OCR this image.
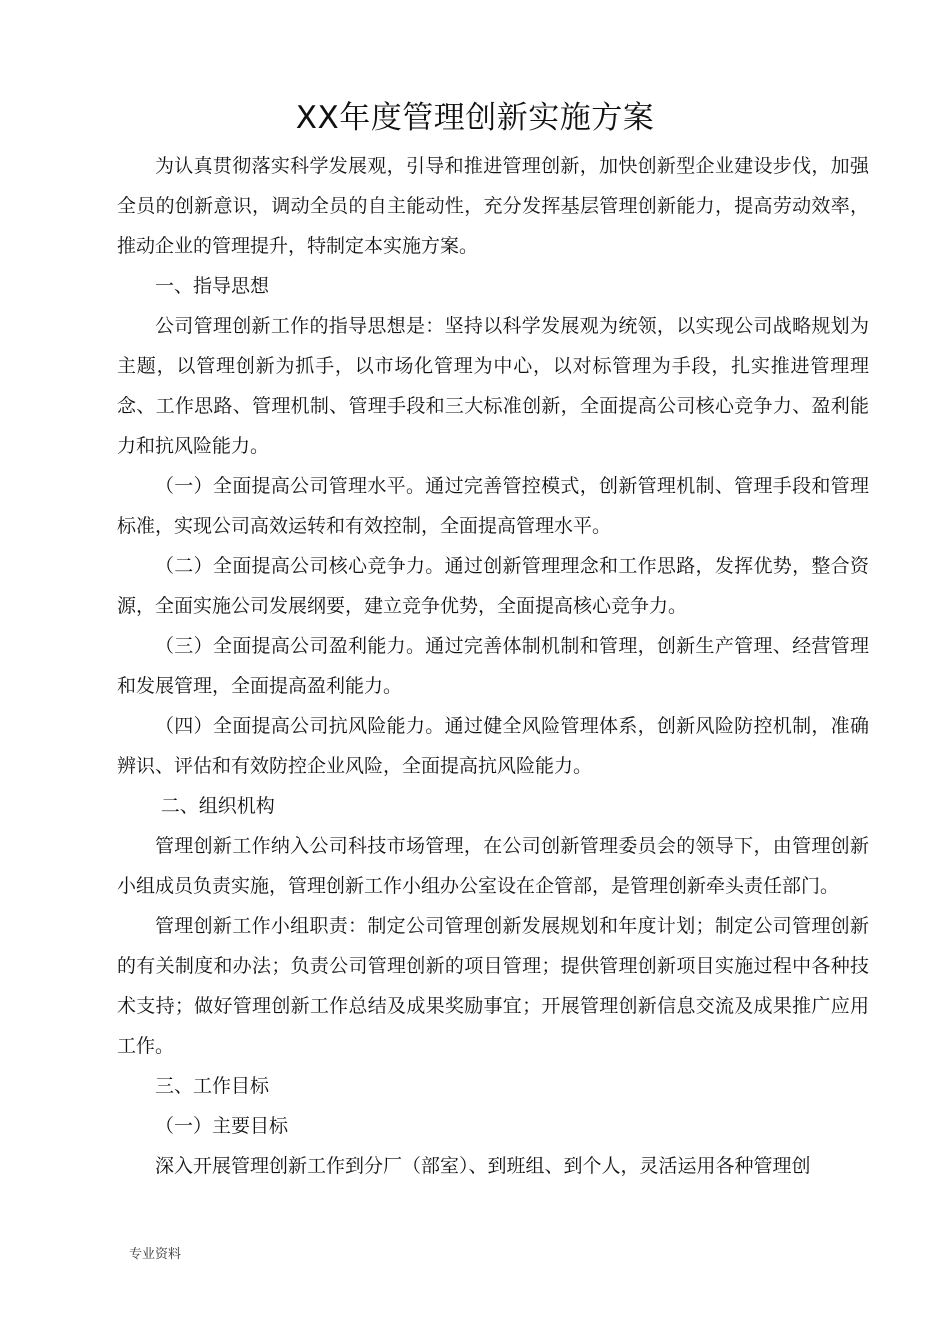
XX年度管理创新实施方案

为认真贯彻落实科学发展观，引导和推进管理创新，加快创新型企业建设步伐，加强全员的创新意识，调动全员的自主能动性，充分发挥基层管理创新能力，提高劳动效率，推动企业的管理提升，特制定本实施方案。

一、指导思想

公司管理创新工作的指导思想是：坚持以科学发展观为统领，以实现公司战略规划为主题，以管理创新为抓手，以市场化管理为中心，以对标管理为手段，扎实推进管理理念、工作思路、管理机制、管理手段和三大标准创新，全面提高公司核心竞争力、盈利能力和抗风险能力。

（一）全面提高公司管理水平。通过完善管控模式，创新管理机制、管理手段和管理标准，实现公司高效运转和有效控制，全面提高管理水平。

（二）全面提高公司核心竞争力。通过创新管理理念和工作思路，发挥优势，整合资源，全面实施公司发展纲要，建立竞争优势，全面提高核心竞争力。

（三）全面提高公司盈利能力。通过完善体制机制和管理，创新生产管理、经营管理和发展管理，全面提高盈利能力。

（四）全面提高公司抗风险能力。通过健全风险管理体系，创新风险防控机制，准确辨识、评估和有效防控企业风险，全面提高抗风险能力。

二、组织机构

管理创新工作纳入公司科技市场管理，在公司创新管理委员会的领导下，由管理创新小组成员负责实施，管理创新工作小组办公室设在企管部，是管理创新牵头责任部门。

管理创新工作小组职责：制定公司管理创新发展规划和年度计划；制定公司管理创新的有关制度和办法；负责公司管理创新的项目管理；提供管理创新项目实施过程中各种技术支持；做好管理创新工作总结及成果奖励事宜；开展管理创新信息交流及成果推广应用工作。

三、工作目标

（一）主要目标

深入开展管理创新工作到分厂（部室）、到班组、到个人，灵活运用各种管理创

专业资料
